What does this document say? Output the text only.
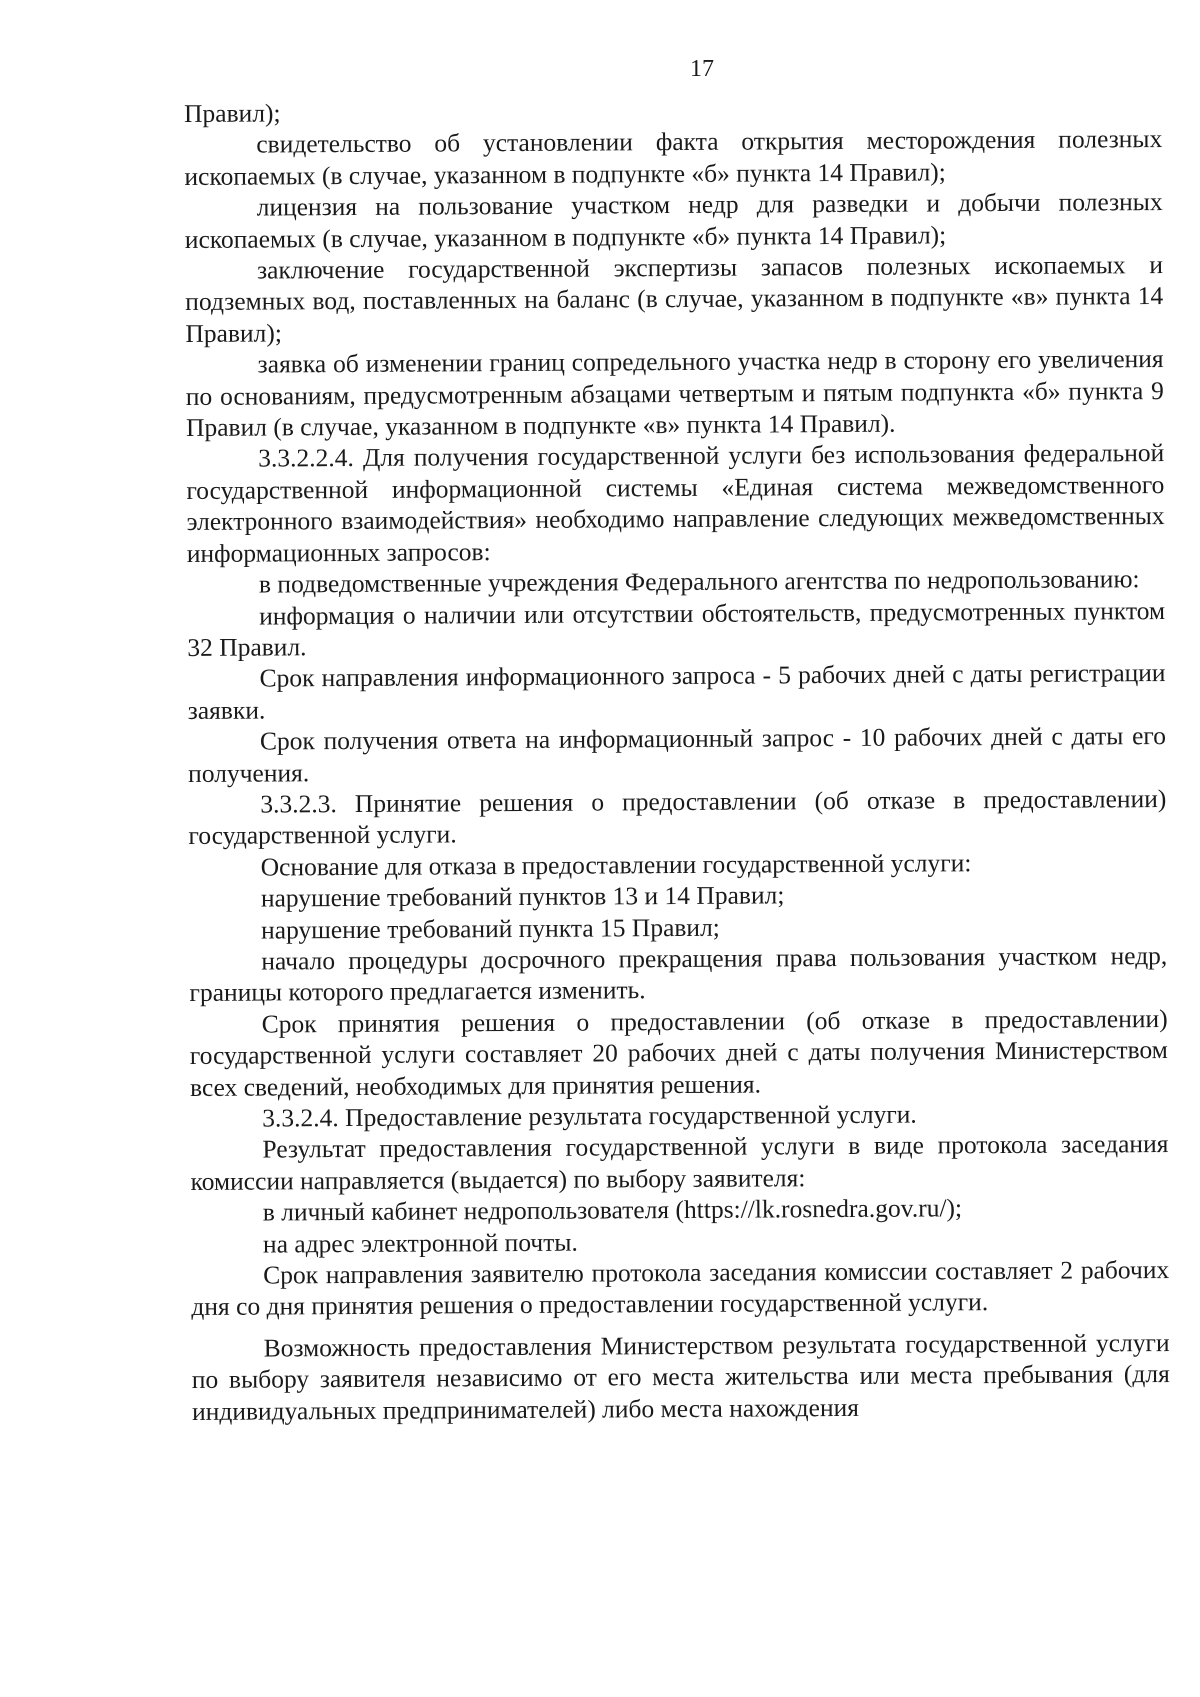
17

Правил);

свидетельство об установлении факта открытия месторождения полезных ископаемых (в случае, указанном в подпункте «б» пункта 14 Правил);

лицензия на пользование участком недр для разведки и добычи полезных ископаемых (в случае, указанном в подпункте «б» пункта 14 Правил);

заключение государственной экспертизы запасов полезных ископаемых и подземных вод, поставленных на баланс (в случае, указанном в подпункте «в» пункта 14 Правил);

заявка об изменении границ сопредельного участка недр в сторону его увеличения по основаниям, предусмотренным абзацами четвертым и пятым подпункта «б» пункта 9 Правил (в случае, указанном в подпункте «в» пункта 14 Правил).

3.3.2.2.4. Для получения государственной услуги без использования федеральной государственной информационной системы «Единая система межведомственного электронного взаимодействия» необходимо направление следующих межведомственных информационных запросов:

в подведомственные учреждения Федерального агентства по недропользованию:

информация о наличии или отсутствии обстоятельств, предусмотренных пунктом 32 Правил.

Срок направления информационного запроса - 5 рабочих дней с даты регистрации заявки.

Срок получения ответа на информационный запрос - 10 рабочих дней с даты его получения.

3.3.2.3. Принятие решения о предоставлении (об отказе в предоставлении) государственной услуги.

Основание для отказа в предоставлении государственной услуги:

нарушение требований пунктов 13 и 14 Правил;

нарушение требований пункта 15 Правил;

начало процедуры досрочного прекращения права пользования участком недр, границы которого предлагается изменить.

Срок принятия решения о предоставлении (об отказе в предоставлении) государственной услуги составляет 20 рабочих дней с даты получения Министерством всех сведений, необходимых для принятия решения.

3.3.2.4. Предоставление результата государственной услуги.

Результат предоставления государственной услуги в виде протокола заседания комиссии направляется (выдается) по выбору заявителя:

в личный кабинет недропользователя (https://lk.rosnedra.gov.ru/);

на адрес электронной почты.

Срок направления заявителю протокола заседания комиссии составляет 2 рабочих дня со дня принятия решения о предоставлении государственной услуги.

Возможность предоставления Министерством результата государственной услуги по выбору заявителя независимо от его места жительства или места пребывания (для индивидуальных предпринимателей) либо места нахождения
